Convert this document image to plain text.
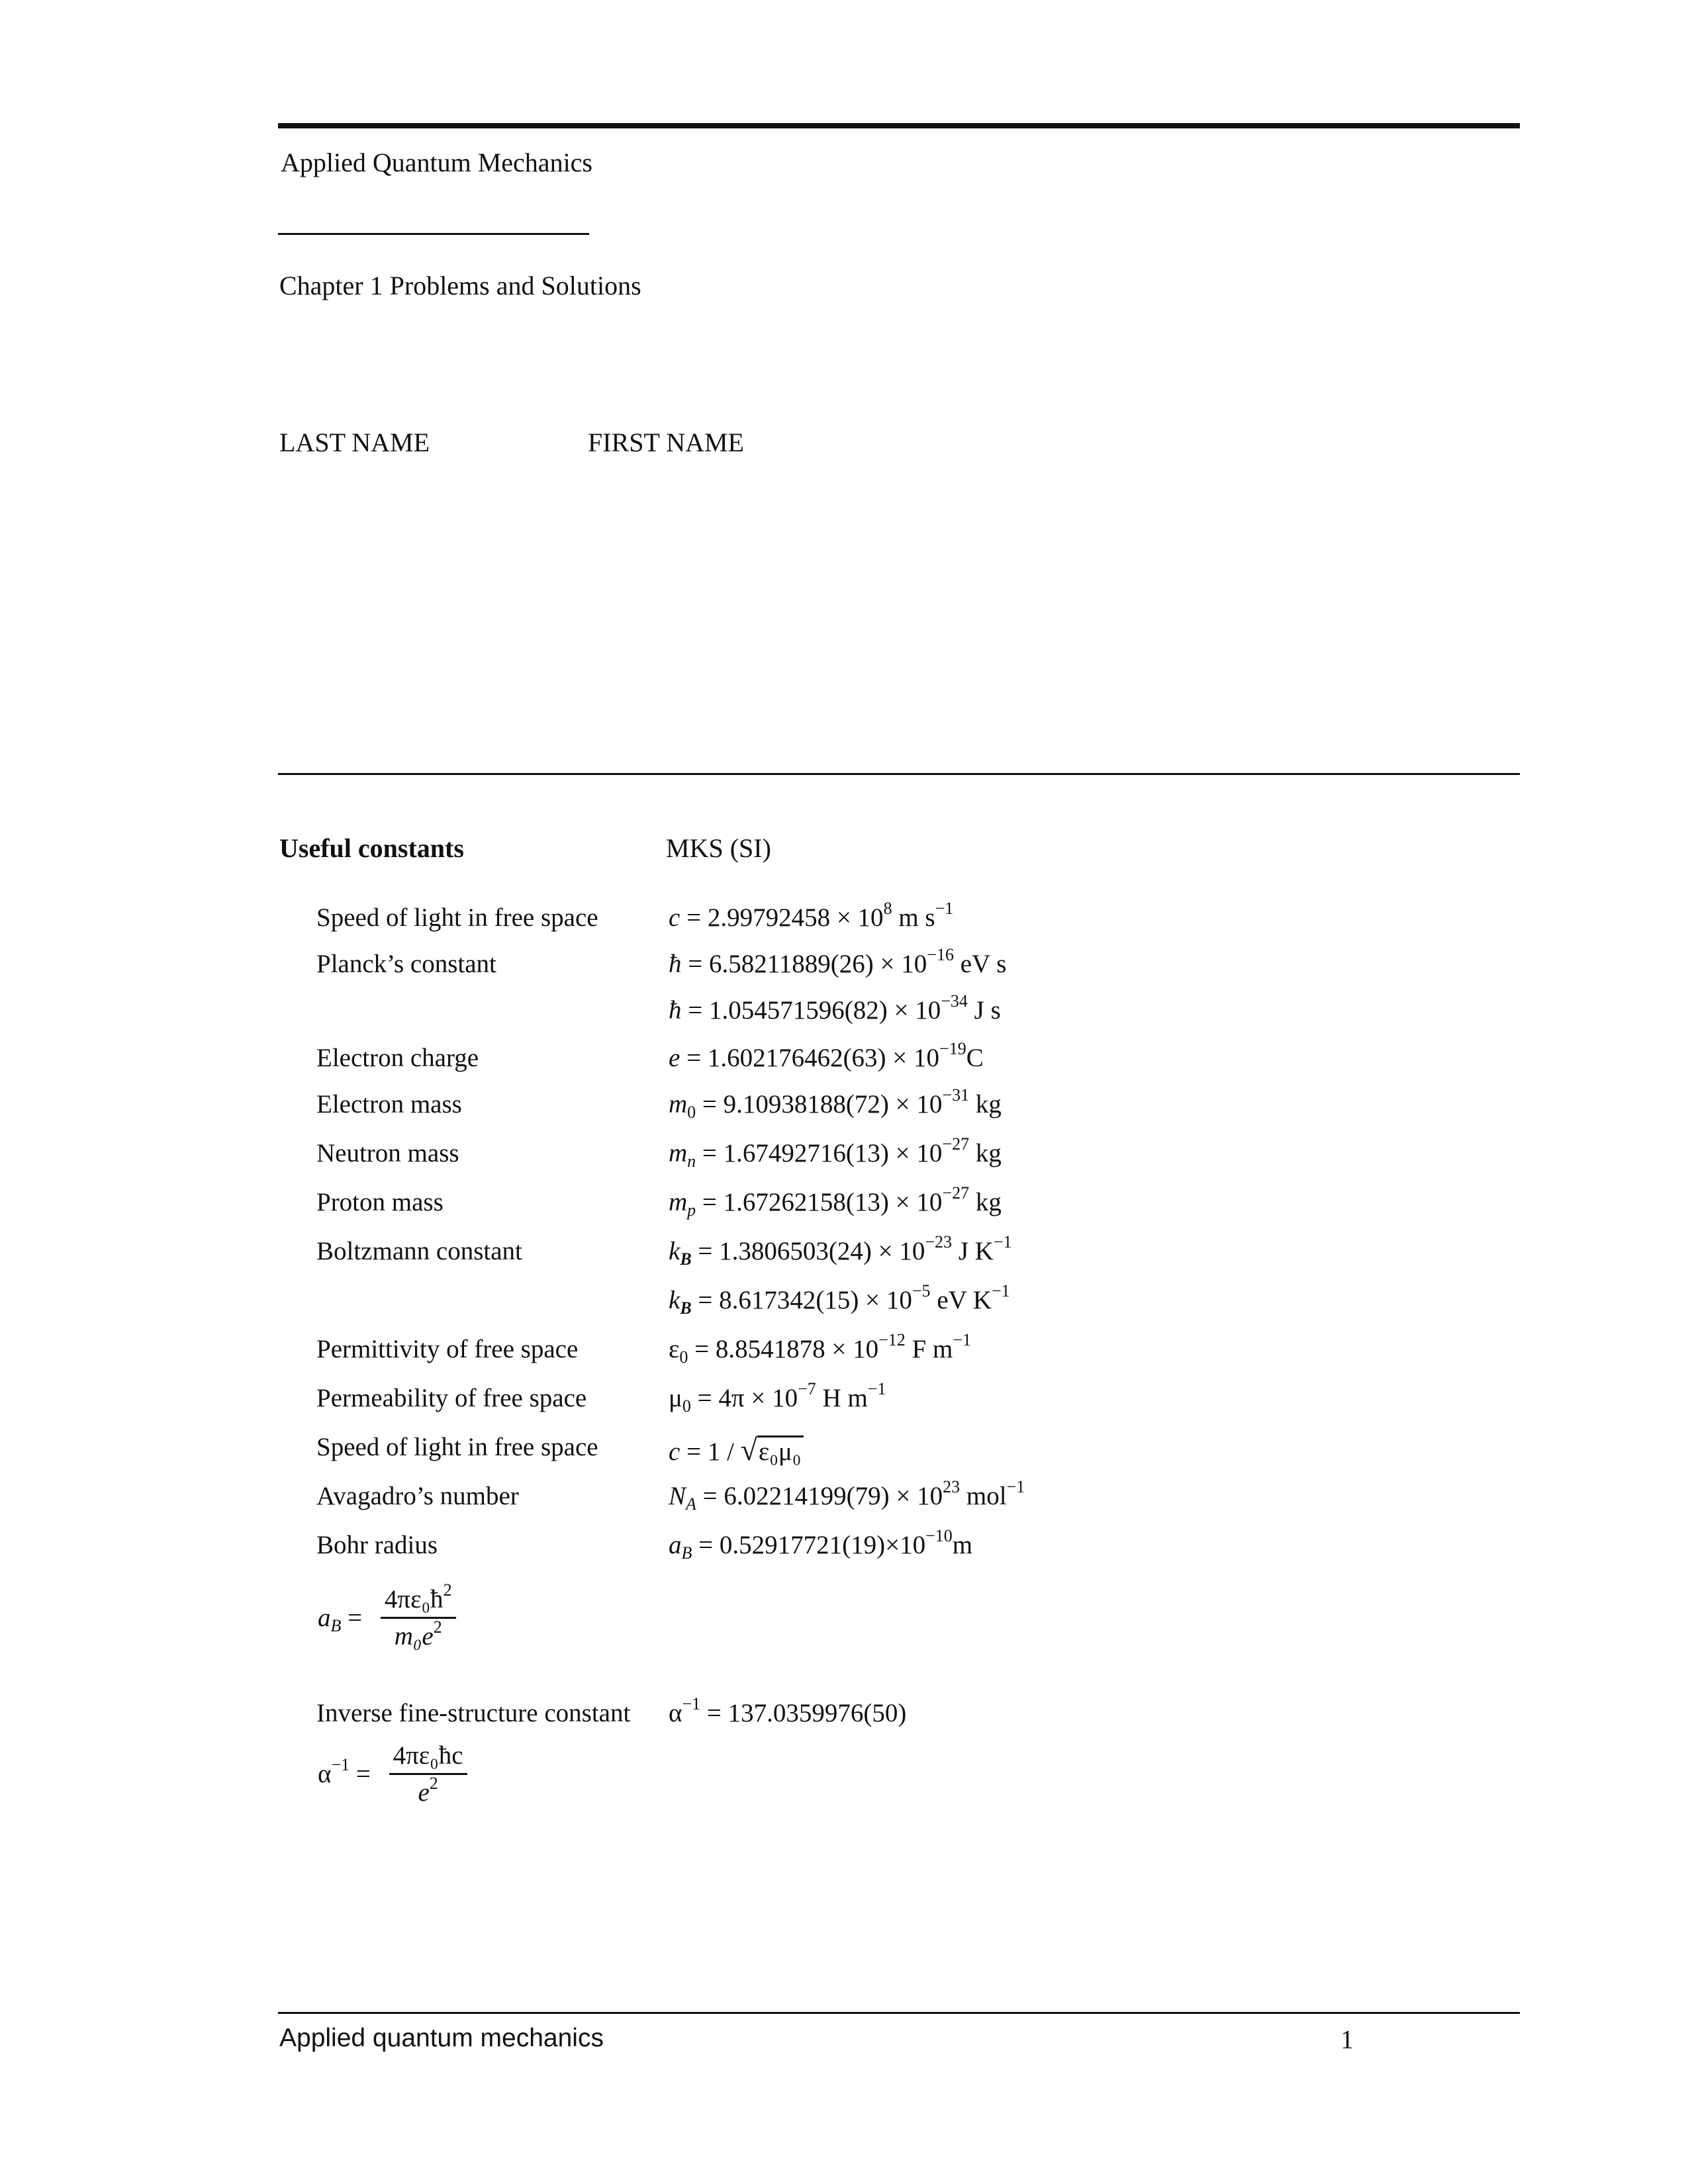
Applied Quantum Mechanics
Chapter 1 Problems and Solutions
LAST NAME	FIRST NAME
Useful constants	MKS (SI)
Speed of light in free space	$c = 2.99792458 \times 10^8$ m $s^{-1}$
Planck’s constant	ħ = $6.58211889(26) \times 10^{-16}$ eV s
ħ = $1.054571596(82) \times 10^{-34}$ J s
Electron charge	$e = 1.602176462(63) \times 10^{-19}C$
Electron mass	$m_0 = 9.10938188(72) \times 10^{-31}$ kg
Neutron mass	$m_n = 1.67492716(13) \times 10^{-27}$ kg
Proton mass	$m_p = 1.67262158(13) \times 10^{-27}$ kg
Boltzmann constant	$k_B = 1.3806503(24) \times 10^{-23}$ J $K^{-1}$
$k_B = 8.617342(15) \times 10^{-5}$ eV $K^{-1}$
Permittivity of free space	$\varepsilon_0 = 8.8541878 \times 10^{-12}$ F $m^{-1}$
Permeability of free space	$\mu_0 = 4\pi \times 10^{-7}$ H $m^{-1}$
Speed of light in free space	c = 1 / √ε₀μ₀
Avagadro’s number	$N_A = 6.02214199(79) \times 10^{23}$ mol$^{-1}$
Bohr radius	$a_B = 0.52917721(19)\times 10^{-10}m$
$a_B = \frac{4\pi\varepsilon_0ħ^2}{m_0e^2}$
Inverse fine-structure constant $\alpha^{-1} = 137.0359976(50)$
$\alpha^{-1} = \frac{\text{4πε₀ħc}}{e^2}$
Applied quantum mechanics	1
